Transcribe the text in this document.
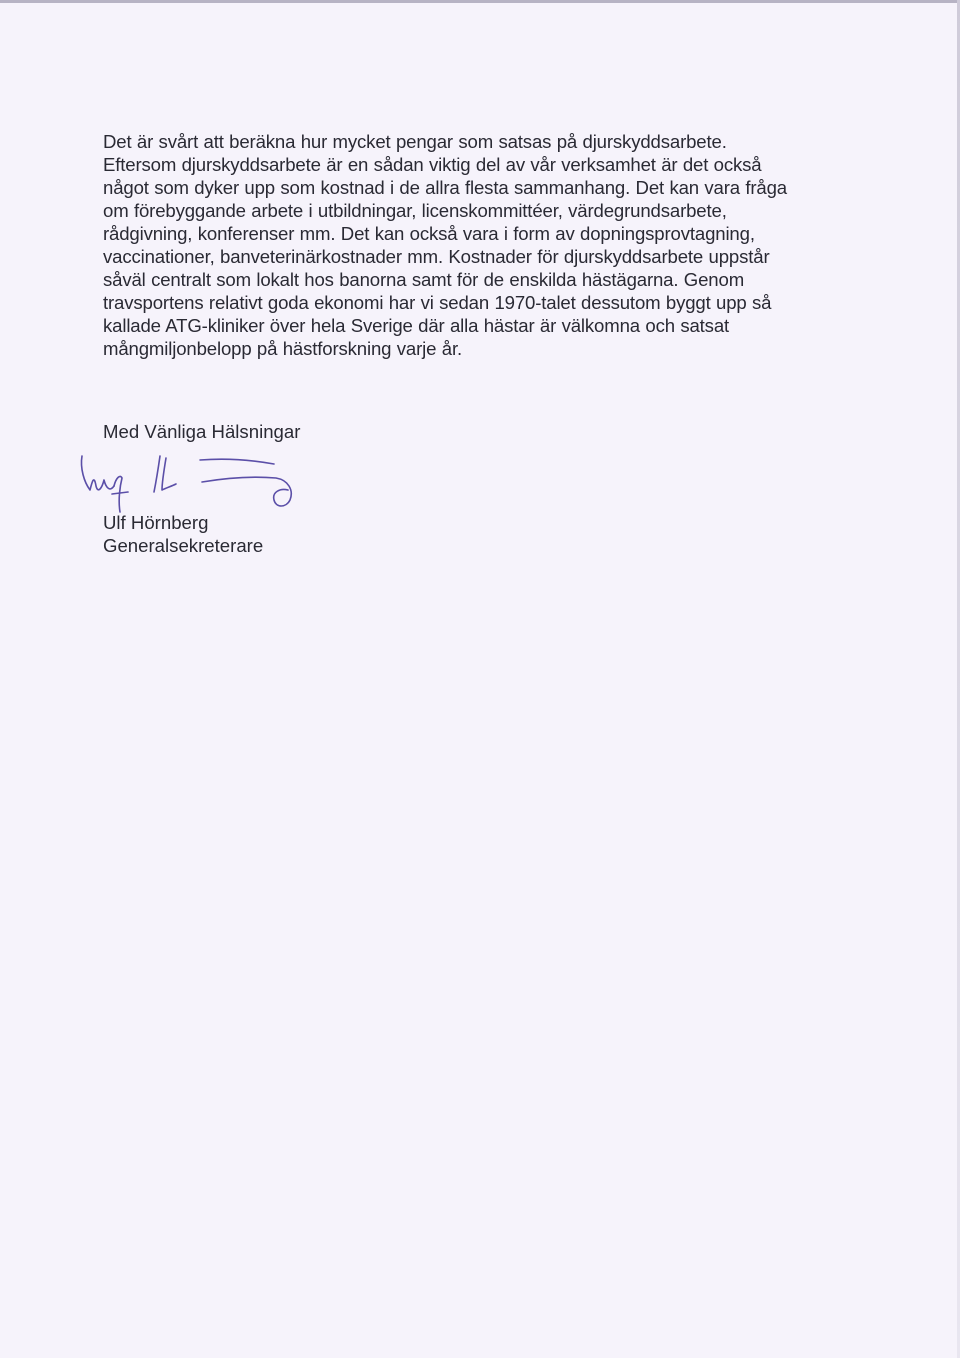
Det är svårt att beräkna hur mycket pengar som satsas på djurskyddsarbete.
Eftersom djurskyddsarbete är en sådan viktig del av vår verksamhet är det också
något som dyker upp som kostnad i de allra flesta sammanhang. Det kan vara fråga
om förebyggande arbete i utbildningar, licenskommittéer, värdegrundsarbete,
rådgivning, konferenser mm. Det kan också vara i form av dopningsprovtagning,
vaccinationer, banveterinärkostnader mm. Kostnader för djurskyddsarbete uppstår
såväl centralt som lokalt hos banorna samt för de enskilda hästägarna. Genom
travsportens relativt goda ekonomi har vi sedan 1970-talet dessutom byggt upp så
kallade ATG-kliniker över hela Sverige där alla hästar är välkomna och satsat
mångmiljonbelopp på hästforskning varje år.

Med Vänliga Hälsningar

Ulf Hörnberg

Generalsekreterare
